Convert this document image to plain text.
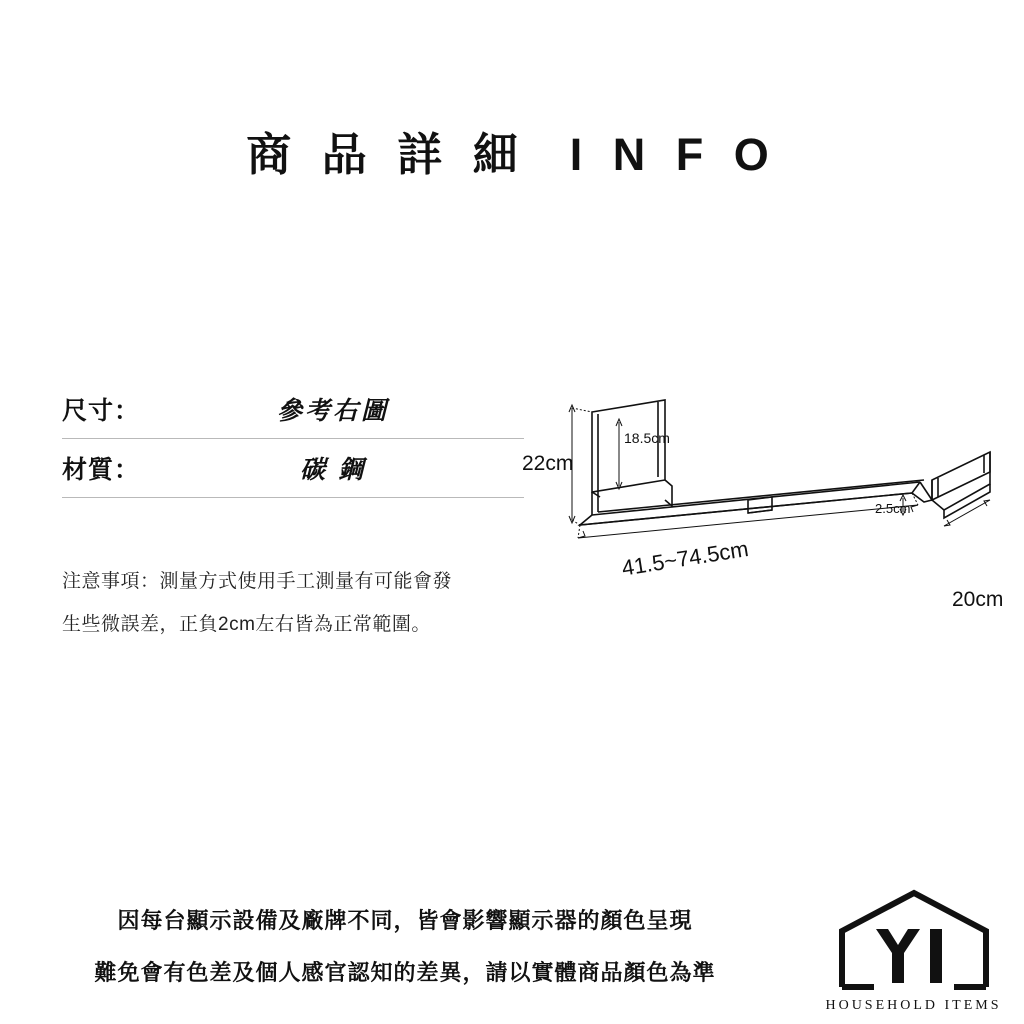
商 品 詳 細  I N F O
尺寸：	參考右圖
材質：	碳 鋼
注意事項：測量方式使用手工測量有可能會發
生些微誤差，正負2cm左右皆為正常範圍。
22cm
18.5cm
2.5cm
20cm
41.5~74.5cm
因每台顯示設備及廠牌不同，皆會影響顯示器的顏色呈現
難免會有色差及個人感官認知的差異，請以實體商品顏色為準
HOUSEHOLD ITEMS
